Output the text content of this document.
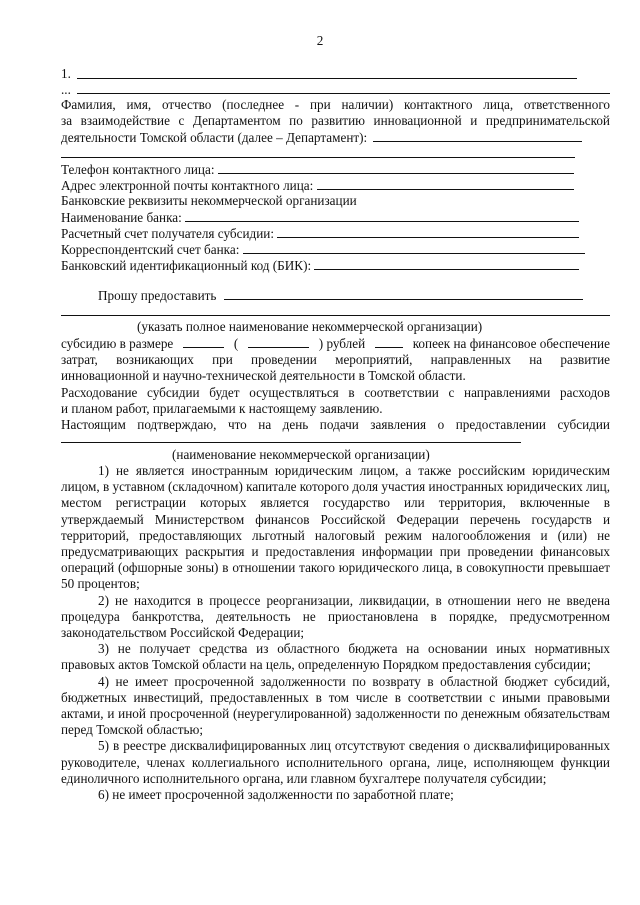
2
1.
...
Фамилия, имя, отчество (последнее - при наличии) контактного лица, ответственного
за взаимодействие с Департаментом по развитию инновационной и предпринимательской
деятельности Томской области (далее – Департамент):
Телефон контактного лица:
Адрес электронной почты контактного лица:
Банковские реквизиты некоммерческой организации
Наименование банка:
Расчетный счет получателя субсидии:
Корреспондентский счет банка:
Банковский идентификационный код (БИК):
Прошу предоставить
(указать полное наименование некоммерческой организации)
субсидию в размере	(	) рублей	копеек на финансовое обеспечение
затрат, возникающих при проведении мероприятий, направленных на развитие
инновационной и научно-технической деятельности в Томской области.
Расходование субсидии будет осуществляться в соответствии с направлениями расходов
и планом работ, прилагаемыми к настоящему заявлению.
Настоящим подтверждаю, что на день подачи заявления о предоставлении субсидии
(наименование некоммерческой организации)

1) не является иностранным юридическим лицом, а также российским юридическим лицом, в уставном (складочном) капитале которого доля участия иностранных юридических лиц, местом регистрации которых является государство или территория, включенные в утверждаемый Министерством финансов Российской Федерации перечень государств и территорий, предоставляющих льготный налоговый режим налогообложения и (или) не предусматривающих раскрытия и предоставления информации при проведении финансовых операций (офшорные зоны) в отношении такого юридического лица, в совокупности превышает 50 процентов;

2) не находится в процессе реорганизации, ликвидации, в отношении него не введена процедура банкротства, деятельность не приостановлена в порядке, предусмотренном законодательством Российской Федерации;

3) не получает средства из областного бюджета на основании иных нормативных правовых актов Томской области на цель, определенную Порядком предоставления субсидии;

4) не имеет просроченной задолженности по возврату в областной бюджет субсидий, бюджетных инвестиций, предоставленных в том числе в соответствии с иными правовыми актами, и иной просроченной (неурегулированной) задолженности по денежным обязательствам перед Томской областью;

5) в реестре дисквалифицированных лиц отсутствуют сведения о дисквалифицированных руководителе, членах коллегиального исполнительного органа, лице, исполняющем функции единоличного исполнительного органа, или главном бухгалтере получателя субсидии;

6) не имеет просроченной задолженности по заработной плате;
